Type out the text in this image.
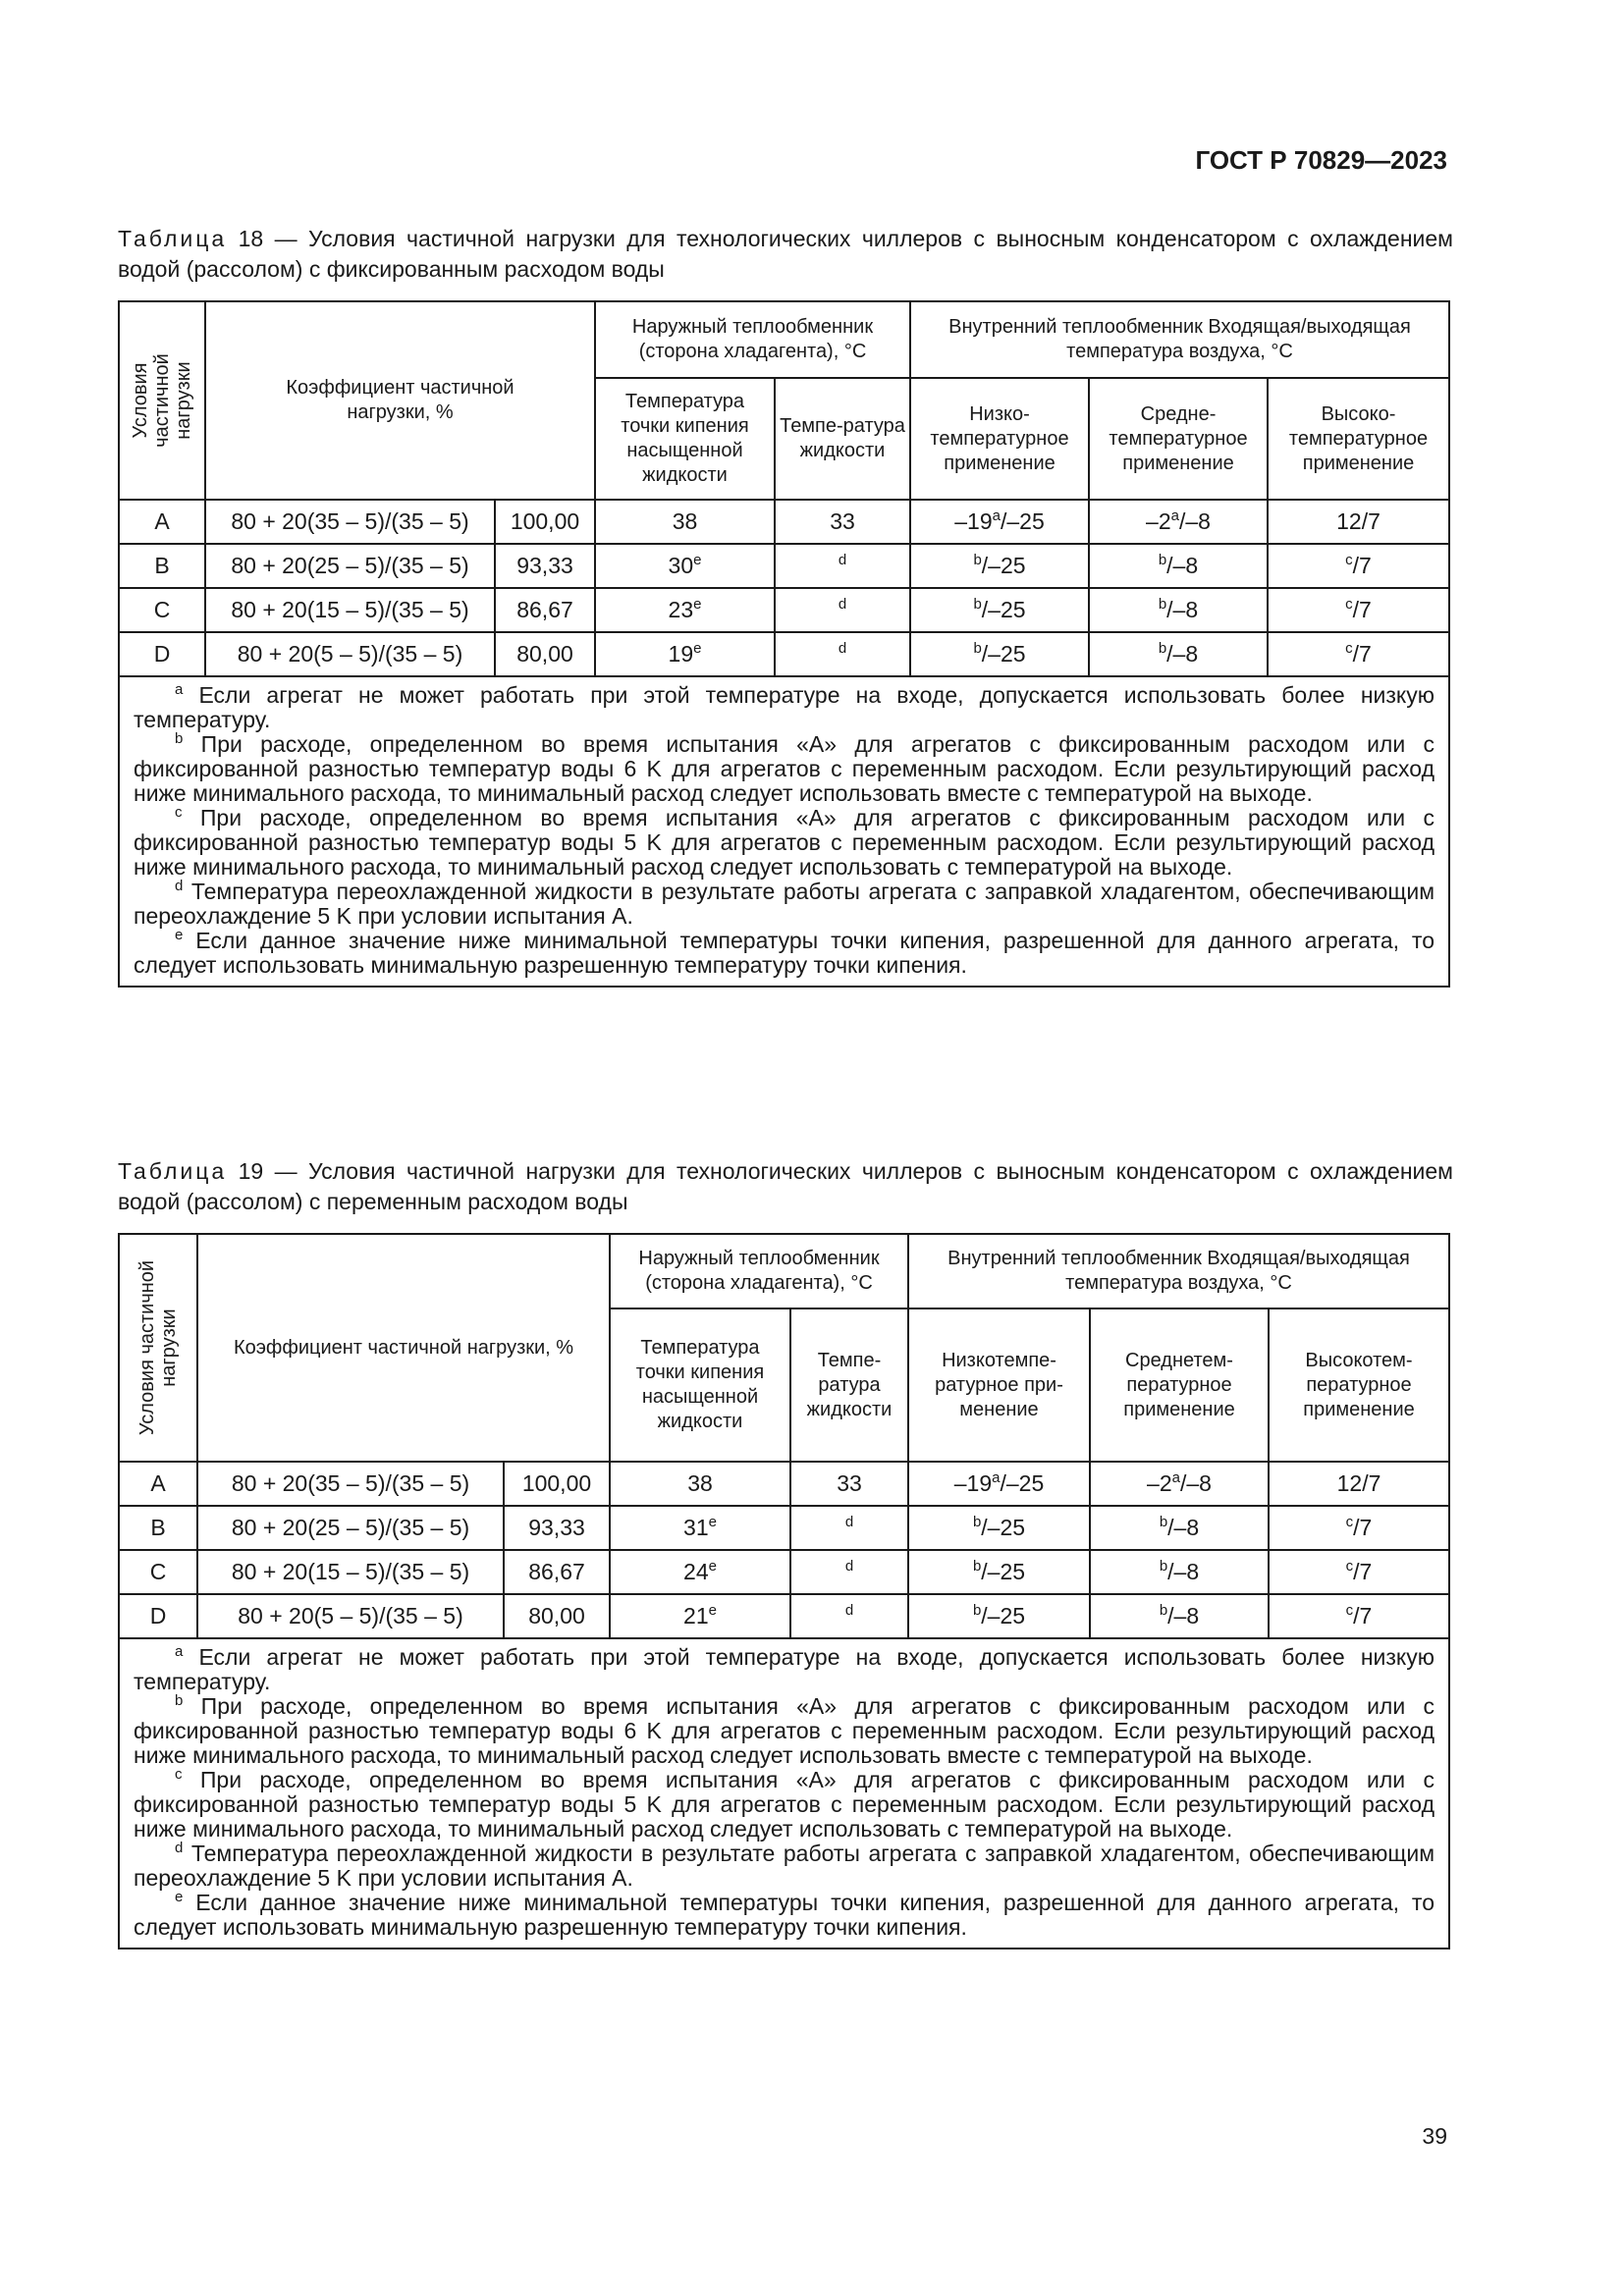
ГОСТ Р 70829—2023
Таблица 18 — Условия частичной нагрузки для технологических чиллеров с выносным конденсатором с охлаждением водой (рассолом) с фиксированным расходом воды
Условия частичной нагрузки	Коэффициент частичной нагрузки, %		Наружный теплообменник (сторона хладагента), °С		Внутренний теплообменник Входящая/выходящая температура воздуха, °С		
			Температура точки кипения насыщенной жидкости	Темпе-ратура жидкости	Низко-температурное применение	Средне-температурное применение	Высоко-температурное применение
A	80 + 20(35 – 5)/(35 – 5)	100,00	38	33	–19a/–25	–2a/–8	12/7
B	80 + 20(25 – 5)/(35 – 5)	93,33	30e	d	b/–25	b/–8	c/7
C	80 + 20(15 – 5)/(35 – 5)	86,67	23e	d	b/–25	b/–8	c/7
D	80 + 20(5 – 5)/(35 – 5)	80,00	19e	d	b/–25	b/–8	c/7

a Если агрегат не может работать при этой температуре на входе, допускается использовать более низкую температуру.
b При расходе, определенном во время испытания «A» для агрегатов с фиксированным расходом или с фиксированной разностью температур воды 6 K для агрегатов с переменным расходом. Если результирующий расход ниже минимального расхода, то минимальный расход следует использовать вместе с температурой на выходе.
c При расходе, определенном во время испытания «A» для агрегатов с фиксированным расходом или с фиксированной разностью температур воды 5 K для агрегатов с переменным расходом. Если результирующий расход ниже минимального расхода, то минимальный расход следует использовать с температурой на выходе.
d Температура переохлажденной жидкости в результате работы агрегата с заправкой хладагентом, обеспечивающим переохлаждение 5 K при условии испытания A.
e Если данное значение ниже минимальной температуры точки кипения, разрешенной для данного агрегата, то следует использовать минимальную разрешенную температуру точки кипения.							
Таблица 19 — Условия частичной нагрузки для технологических чиллеров с выносным конденсатором с охлаждением водой (рассолом) с переменным расходом воды
Условия частичной нагрузки	Коэффициент частичной нагрузки, %		Наружный теплообменник (сторона хладагента), °С		Внутренний теплообменник Входящая/выходящая температура воздуха, °С		
			Температура точки кипения насыщенной жидкости	Темпе-ратура жидкости	Низкотемпе-ратурное при-менение	Среднетем-пературное применение	Высокотем-пературное применение
A	80 + 20(35 – 5)/(35 – 5)	100,00	38	33	–19a/–25	–2a/–8	12/7
B	80 + 20(25 – 5)/(35 – 5)	93,33	31e	d	b/–25	b/–8	c/7
C	80 + 20(15 – 5)/(35 – 5)	86,67	24e	d	b/–25	b/–8	c/7
D	80 + 20(5 – 5)/(35 – 5)	80,00	21e	d	b/–25	b/–8	c/7

a Если агрегат не может работать при этой температуре на входе, допускается использовать более низкую температуру.
b При расходе, определенном во время испытания «A» для агрегатов с фиксированным расходом или с фиксированной разностью температур воды 6 K для агрегатов с переменным расходом. Если результирующий расход ниже минимального расхода, то минимальный расход следует использовать вместе с температурой на выходе.
c При расходе, определенном во время испытания «A» для агрегатов с фиксированным расходом или с фиксированной разностью температур воды 5 K для агрегатов с переменным расходом. Если результирующий расход ниже минимального расхода, то минимальный расход следует использовать с температурой на выходе.
d Температура переохлажденной жидкости в результате работы агрегата с заправкой хладагентом, обеспечивающим переохлаждение 5 K при условии испытания A.
e Если данное значение ниже минимальной температуры точки кипения, разрешенной для данного агрегата, то следует использовать минимальную разрешенную температуру точки кипения.							
39
